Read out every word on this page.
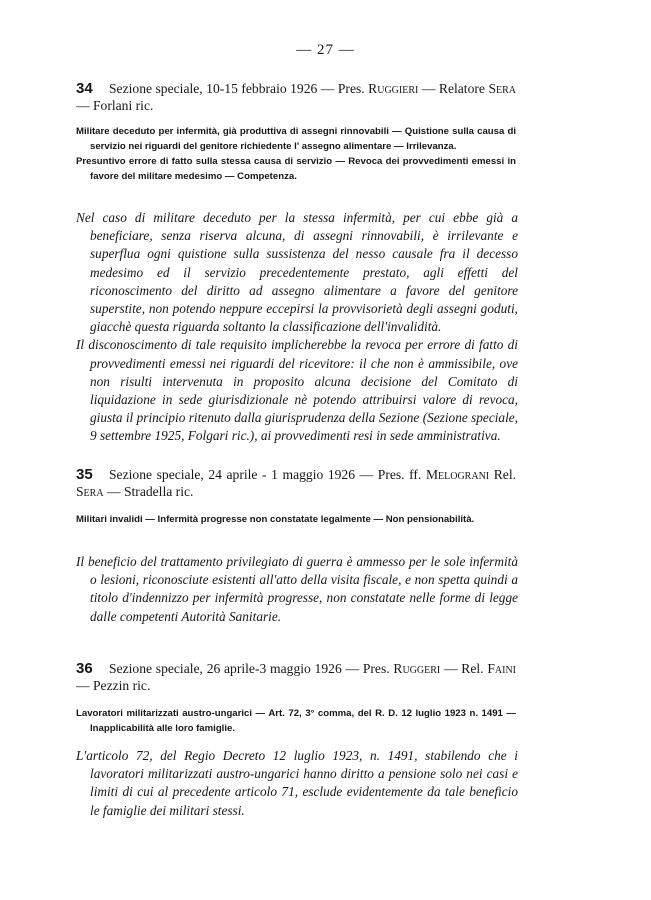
— 27 —
34 Sezione speciale, 10-15 febbraio 1926 — Pres. Ruggieri — Relatore Sera — Forlani ric.

Militare deceduto per infermità, già produttiva di assegni rinnovabili — Quistione sulla causa di servizio nei riguardi del genitore richiedente l' assegno alimentare — Irrilevanza.

Presuntivo errore di fatto sulla stessa causa di servizio — Revoca dei provvedimenti emessi in favore del militare medesimo — Competenza.

Nel caso di militare deceduto per la stessa infermità, per cui ebbe già a beneficiare, senza riserva alcuna, di assegni rinnovabili, è irrilevante e superflua ogni quistione sulla sussistenza del nesso causale fra il decesso medesimo ed il servizio precedentemente prestato, agli effetti del riconoscimento del diritto ad assegno alimentare a favore del genitore superstite, non potendo neppure eccepirsi la provvisorietà degli assegni goduti, giacchè questa riguarda soltanto la classificazione dell'invalidità.

Il disconoscimento di tale requisito implicherebbe la revoca per errore di fatto di provvedimenti emessi nei riguardi del ricevitore: il che non è ammissibile, ove non risulti intervenuta in proposito alcuna decisione del Comitato di liquidazione in sede giurisdizionale nè potendo attribuirsi valore di revoca, giusta il principio ritenuto dalla giurisprudenza della Sezione (Sezione speciale, 9 settembre 1925, Folgari ric.), ai provvedimenti resi in sede amministrativa.

35 Sezione speciale, 24 aprile - 1 maggio 1926 — Pres. ff. Melograni Rel. Sera — Stradella ric.

Militari invalidi — Infermità progresse non constatate legalmente — Non pensionabilità.

Il beneficio del trattamento privilegiato di guerra è ammesso per le sole infermità o lesioni, riconosciute esistenti all'atto della visita fiscale, e non spetta quindi a titolo d'indennizzo per infermità progresse, non constatate nelle forme di legge dalle competenti Autorità Sanitarie.

36 Sezione speciale, 26 aprile-3 maggio 1926 — Pres. Ruggeri — Rel. Faini — Pezzin ric.

Lavoratori militarizzati austro-ungarici — Art. 72, 3° comma, del R. D. 12 luglio 1923 n. 1491 — Inapplicabilità alle loro famiglie.

L'articolo 72, del Regio Decreto 12 luglio 1923, n. 1491, stabilendo che i lavoratori militarizzati austro-ungarici hanno diritto a pensione solo nei casi e limiti di cui al precedente articolo 71, esclude evidentemente da tale beneficio le famiglie dei militari stessi.
